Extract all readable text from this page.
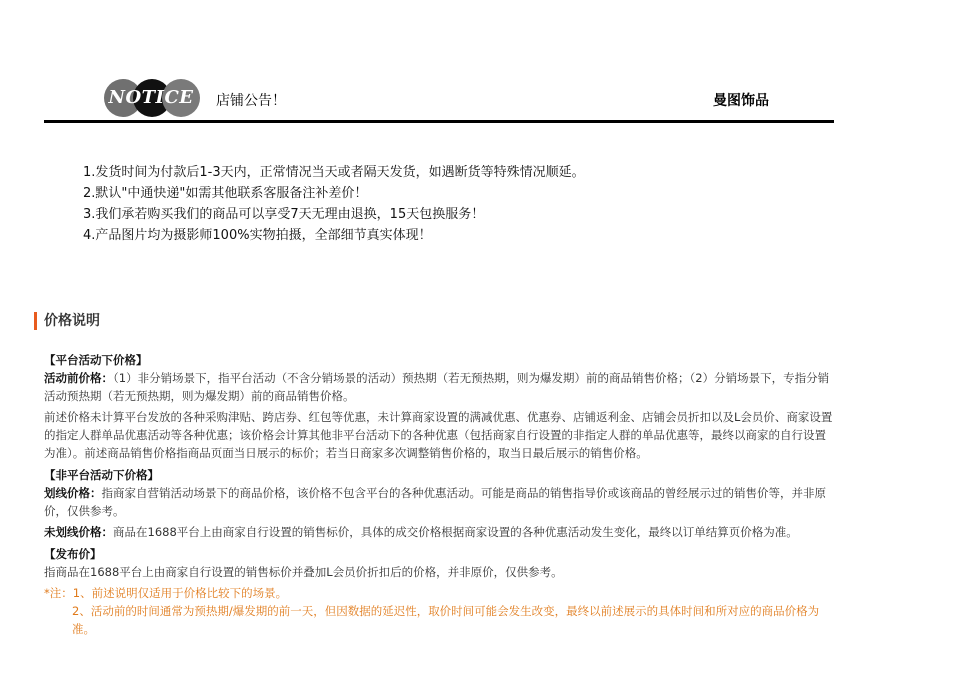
NOTICE 店铺公告！	曼图饰品
1.发货时间为付款后1-3天内，正常情况当天或者隔天发货，如遇断货等特殊情况顺延。
2.默认"中通快递"如需其他联系客服备注补差价！
3.我们承若购买我们的商品可以享受7天无理由退换，15天包换服务！
4.产品图片均为摄影师100%实物拍摄，全部细节真实体现！
价格说明
【平台活动下价格】

活动前价格：（1）非分销场景下，指平台活动（不含分销场景的活动）预热期（若无预热期，则为爆发期）前的商品销售价格；（2）分销场景下，专指分销活动预热期（若无预热期，则为爆发期）前的商品销售价格。

前述价格未计算平台发放的各种采购津贴、跨店券、红包等优惠，未计算商家设置的满减优惠、优惠券、店铺返利金、店铺会员折扣以及L会员价、商家设置的指定人群单品优惠活动等各种优惠；该价格会计算其他非平台活动下的各种优惠（包括商家自行设置的非指定人群的单品优惠等，最终以商家的自行设置为准）。前述商品销售价格指商品页面当日展示的标价；若当日商家多次调整销售价格的，取当日最后展示的销售价格。

【非平台活动下价格】

划线价格：指商家自营销活动场景下的商品价格，该价格不包含平台的各种优惠活动。可能是商品的销售指导价或该商品的曾经展示过的销售价等，并非原价，仅供参考。

未划线价格：商品在1688平台上由商家自行设置的销售标价，具体的成交价格根据商家设置的各种优惠活动发生变化，最终以订单结算页价格为准。

【发布价】

指商品在1688平台上由商家自行设置的销售标价并叠加L会员价折扣后的价格，并非原价，仅供参考。

*注：1、前述说明仅适用于价格比较下的场景。
2、活动前的时间通常为预热期/爆发期的前一天，但因数据的延迟性，取价时间可能会发生改变，最终以前述展示的具体时间和所对应的商品价格为准。
